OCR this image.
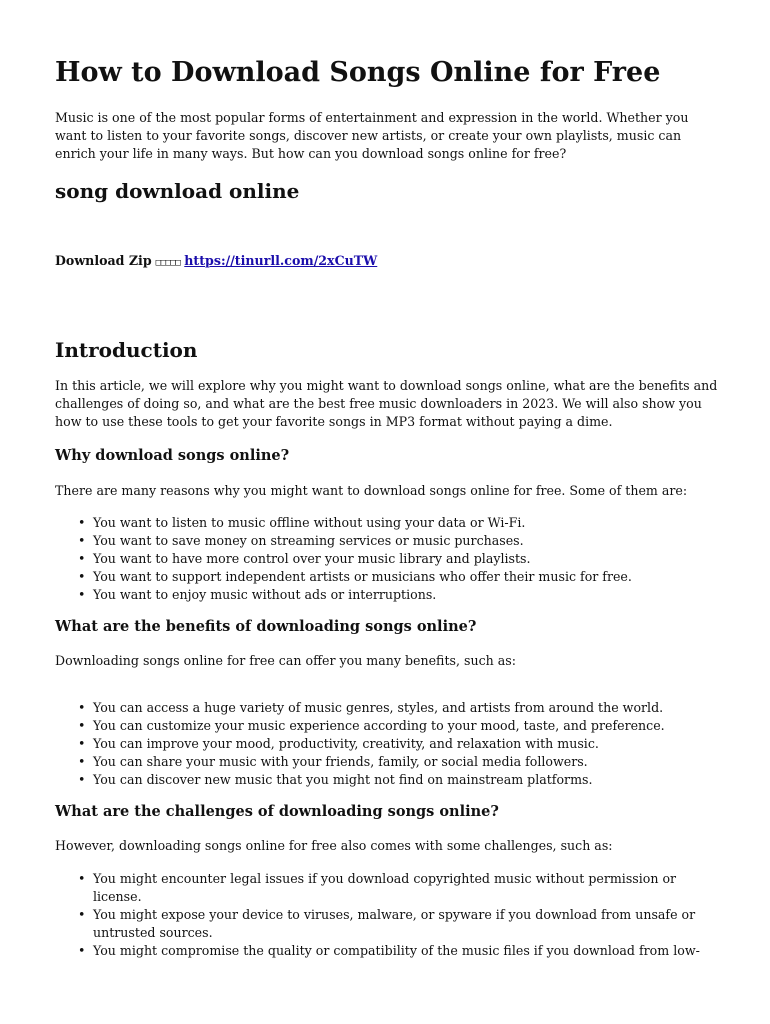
How to Download Songs Online for Free

Music is one of the most popular forms of entertainment and expression in the world. Whether you want to listen to your favorite songs, discover new artists, or create your own playlists, music can enrich your life in many ways. But how can you download songs online for free?

song download online
Download Zip □□□□□ https://tinurll.com/2xCuTW
Introduction

In this article, we will explore why you might want to download songs online, what are the benefits and challenges of doing so, and what are the best free music downloaders in 2023. We will also show you how to use these tools to get your favorite songs in MP3 format without paying a dime.

Why download songs online?

There are many reasons why you might want to download songs online for free. Some of them are:

• You want to listen to music offline without using your data or Wi-Fi.
• You want to save money on streaming services or music purchases.
• You want to have more control over your music library and playlists.
• You want to support independent artists or musicians who offer their music for free.
• You want to enjoy music without ads or interruptions.
What are the benefits of downloading songs online?

Downloading songs online for free can offer you many benefits, such as:

• You can access a huge variety of music genres, styles, and artists from around the world.
• You can customize your music experience according to your mood, taste, and preference.
• You can improve your mood, productivity, creativity, and relaxation with music.
• You can share your music with your friends, family, or social media followers.
• You can discover new music that you might not find on mainstream platforms.
What are the challenges of downloading songs online?

However, downloading songs online for free also comes with some challenges, such as:

• You might encounter legal issues if you download copyrighted music without permission or license.
• You might expose your device to viruses, malware, or spyware if you download from unsafe or untrusted sources.
• You might compromise the quality or compatibility of the music files if you download from low-
